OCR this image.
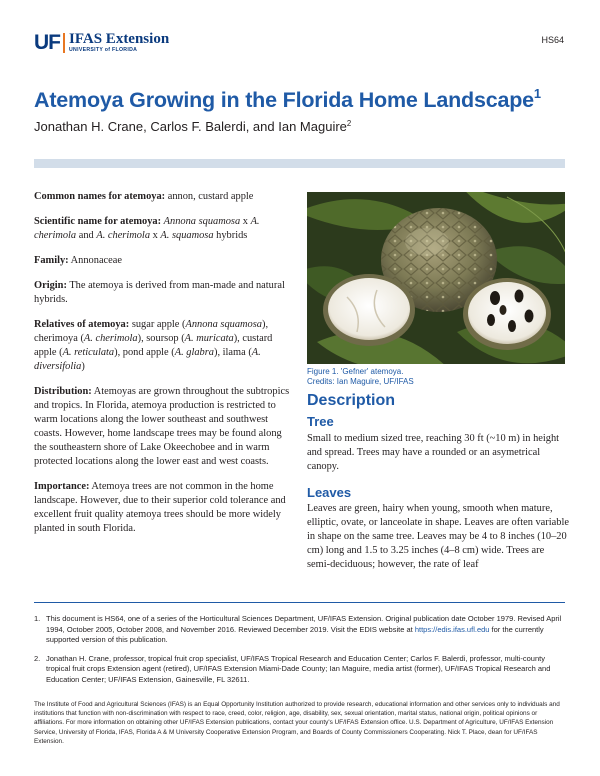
UF IFAS Extension
UNIVERSITY of FLORIDA
HS64
Atemoya Growing in the Florida Home Landscape$^1$
Jonathan H. Crane, Carlos F. Balerdi, and Ian Maguire$^2$

Common names for atemoya: annon, custard apple

Scientific name for atemoya: Annona squamosa x A. cherimola and A. cherimola x A. squamosa hybrids

Family: Annonaceae

Origin: The atemoya is derived from man-made and natural hybrids.

Relatives of atemoya: sugar apple (Annona squamosa), cherimoya (A. cherimola), soursop (A. muricata), custard apple (A. reticulata), pond apple (A. glabra), ilama (A. diversifolia)

Distribution: Atemoyas are grown throughout the subtropics and tropics. In Florida, atemoya production is restricted to warm locations along the lower southeast and southwest coasts. However, home landscape trees may be found along the southeastern shore of Lake Okeechobee and in warm protected locations along the lower east and west coasts.

Importance: Atemoya trees are not common in the home landscape. However, due to their superior cold tolerance and excellent fruit quality atemoya trees should be more widely planted in south Florida.

Figure 1. 'Gefner' atemoya.
Credits: Ian Maguire, UF/IFAS
Description
Tree

Small to medium sized tree, reaching 30 ft (~10 m) in height and spread. Trees may have a rounded or an asymetrical canopy.

Leaves

Leaves are green, hairy when young, smooth when mature, elliptic, ovate, or lanceolate in shape. Leaves are often variable in shape on the same tree. Leaves may be 4 to 8 inches (10–20 cm) long and 1.5 to 3.25 inches (4–8 cm) wide. Trees are semi-deciduous; however, the rate of leaf

1. This document is HS64, one of a series of the Horticultural Sciences Department, UF/IFAS Extension. Original publication date October 1979. Revised April 1994, October 2005, October 2008, and November 2016. Reviewed December 2019. Visit the EDIS website at https://edis.ifas.ufl.edu for the currently supported version of this publication.
2. Jonathan H. Crane, professor, tropical fruit crop specialist, UF/IFAS Tropical Research and Education Center; Carlos F. Balerdi, professor, multi-county tropical fruit crops Extension agent (retired), UF/IFAS Extension Miami-Dade County; Ian Maguire, media artist (former), UF/IFAS Tropical Research and Education Center; UF/IFAS Extension, Gainesville, FL 32611.

The Institute of Food and Agricultural Sciences (IFAS) is an Equal Opportunity Institution authorized to provide research, educational information and other services only to individuals and institutions that function with non-discrimination with respect to race, creed, color, religion, age, disability, sex, sexual orientation, marital status, national origin, political opinions or affiliations. For more information on obtaining other UF/IFAS Extension publications, contact your county's UF/IFAS Extension office. U.S. Department of Agriculture, UF/IFAS Extension Service, University of Florida, IFAS, Florida A & M University Cooperative Extension Program, and Boards of County Commissioners Cooperating. Nick T. Place, dean for UF/IFAS Extension.
